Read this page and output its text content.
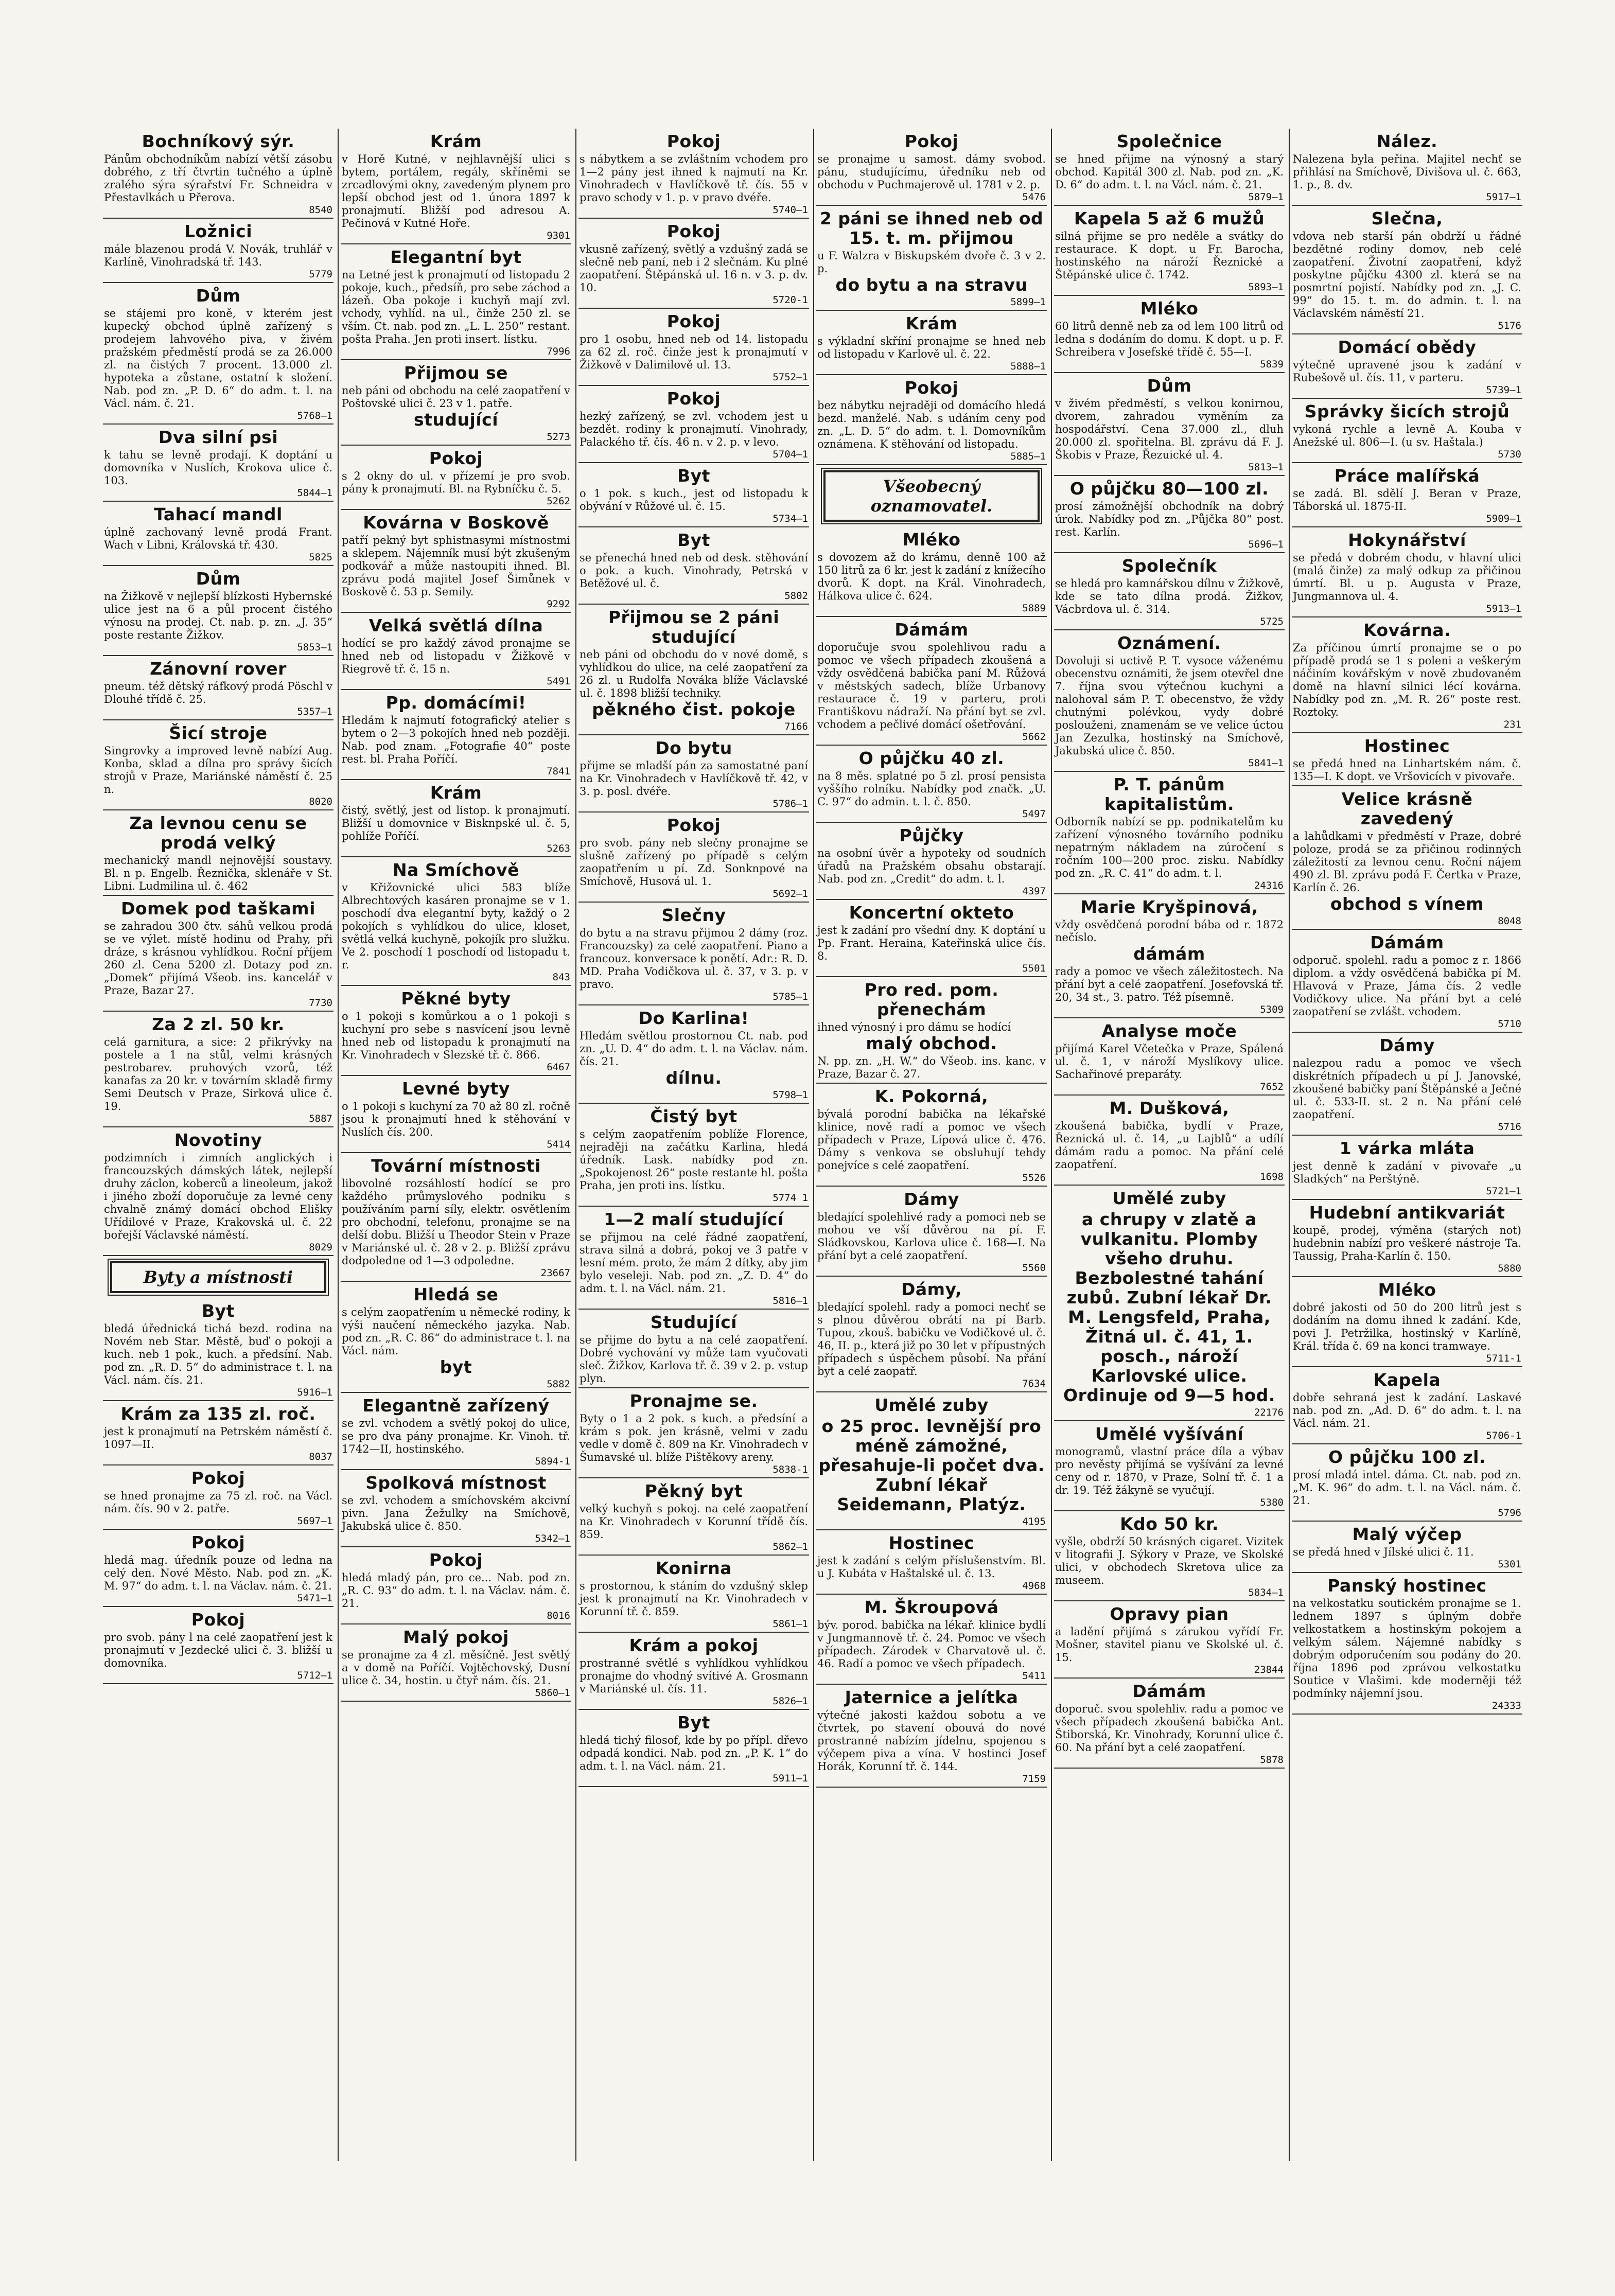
Bochníkový sýr.
Pánům obchodníkům nabízí větší zásobu dobrého, z tří čtvrtin tučného a úplně zralého sýra sýrařství Fr. Schneidra v Přestavlkách u Přerova.
8540
Ložnici
mále blazenou prodá V. Novák, truhlář v Karlíně, Vinohradská tř. 143.
5779
Dům
se stájemi pro koně, v kterém jest kupecký obchod úplně zařízený s prodejem lahvového piva, v živém pražském předměstí prodá se za 26.000 zl. na čistých 7 procent. 13.000 zl. hypoteka a zůstane, ostatní k složení. Nab. pod zn. „P. D. 6“ do adm. t. l. na Václ. nám. č. 21.
5768—1
Dva silní psi
k tahu se levně prodají. K doptání u domovníka v Nuslích, Krokova ulice č. 103.
5844—1
Tahací mandl
úplně zachovaný levně prodá Frant. Wach v Libni, Královská tř. 430.
5825
Dům
na Žižkově v nejlepší blízkosti Hybernské ulice jest na 6 a půl procent čistého výnosu na prodej. Ct. nab. p. zn. „J. 35“ poste restante Žižkov.
5853—1
Zánovní rover
pneum. též dětský ráfkový prodá Pöschl v Dlouhé třídě č. 25.
5357—1
Šicí stroje
Singrovky a improved levně nabízí Aug. Konba, sklad a dílna pro správy šicích strojů v Praze, Mariánské náměstí č. 25 n.
8020
Za levnou cenu se prodá velký
mechanický mandl nejnovější soustavy. Bl. n p. Engelb. Řeznička, sklenáře v St. Libni. Ludmilina ul. č. 462
Domek pod taškami
se zahradou 300 čtv. sáhů velkou prodá se ve výlet. místě hodinu od Prahy, při dráze, s krásnou vyhlídkou. Roční příjem 260 zl. Cena 5200 zl. Dotazy pod zn. „Domek“ přijímá Všeob. ins. kancelář v Praze, Bazar 27.
7730
Za 2 zl. 50 kr.
celá garnitura, a sice: 2 přikrývky na postele a 1 na stůl, velmi krásných pestrobarev. pruhových vzorů, též kanafas za 20 kr. v továrním skladě firmy Semi Deutsch v Praze, Sirková ulice č. 19.
5887
Novotiny
podzimních i zimních anglických i francouzských dámských látek, nejlepší druhy záclon, koberců a lineoleum, jakož i jiného zboží doporučuje za levné ceny chvalně známý domácí obchod Elišky Uřídilové v Praze, Krakovská ul. č. 22 bořejší Václavské náměstí.
8029
Byty a místnosti
Byt
bledá úřednická tichá bezd. rodina na Novém neb Star. Městě, buď o pokoji a kuch. neb 1 pok., kuch. a předsíní. Nab. pod zn. „R. D. 5“ do administrace t. l. na Václ. nám. čís. 21.
5916—1
Krám za 135 zl. roč.
jest k pronajmutí na Petrském náměstí č. 1097—II.
8037
Pokoj
se hned pronajme za 75 zl. roč. na Václ. nám. čís. 90 v 2. patře.
5697—1
Pokoj
hledá mag. úředník pouze od ledna na celý den. Nové Město. Nab. pod zn. „K. M. 97“ do adm. t. l. na Václav. nám. č. 21.
5471—1
Pokoj
pro svob. pány l na celé zaopatření jest k pronajmutí v Jezdecké ulici č. 3. bližší u domovníka.
5712—1
Krám
v Horě Kutné, v nejhlavnější ulici s bytem, portálem, regály, skříněmi se zrcadlovými okny, zavedeným plynem pro lepší obchod jest od 1. února 1897 k pronajmutí. Bližší pod adresou A. Pečinová v Kutné Hoře.
9301
Elegantní byt
na Letné jest k pronajmutí od listopadu 2 pokoje, kuch., předsíň, pro sebe záchod a lázeň. Oba pokoje i kuchyň mají zvl. vchody, vyhlíd. na ul., činže 250 zl. se vším. Ct. nab. pod zn. „L. L. 250“ restant. pošta Praha. Jen proti insert. lístku.
7996
Přijmou se
neb páni od obchodu na celé zaopatření v Poštovské ulici č. 23 v 1. patře.
studující
5273
Pokoj
s 2 okny do ul. v přízemí je pro svob. pány k pronajmutí. Bl. na Rybníčku č. 5.
5262
Kovárna v Boskově
patří pekný byt sphistnasymi místnostmi a sklepem. Nájemník musí být zkušeným podkovář a může nastoupiti ihned. Bl. zprávu podá majitel Josef Šimůnek v Boskově č. 53 p. Semily.
9292
Velká světlá dílna
hodící se pro každý závod pronajme se hned neb od listopadu v Žižkově v Riegrově tř. č. 15 n.
5491
Pp. domácími!
Hledám k najmutí fotografický atelier s bytem o 2—3 pokojích hned neb později. Nab. pod znam. „Fotografie 40“ poste rest. bl. Praha Poříčí.
7841
Krám
čistý, světlý, jest od listop. k pronajmutí. Bližší u domovnice v Bisknpské ul. č. 5, pohlíže Poříčí.
5263
Na Smíchově
v Křižovnické ulici 583 blíže Albrechtových kasáren pronajme se v 1. poschodí dva elegantní byty, každý o 2 pokojích s vyhlídkou do ulice, kloset, světlá velká kuchyně, pokojík pro služku. Ve 2. poschodí 1 poschodí od listopadu t. r.
843
Pěkné byty
o 1 pokoji s komůrkou a o 1 pokoji s kuchyní pro sebe s nasvícení jsou levně hned neb od listopadu k pronajmutí na Kr. Vinohradech v Slezské tř. č. 866.
6467
Levné byty
o 1 pokoji s kuchyní za 70 až 80 zl. ročně jsou k pronajmutí hned k stěhování v Nuslích čís. 200.
5414
Tovární místnosti
libovolné rozsáhlostí hodící se pro každého průmyslového podniku s používáním parní síly, elektr. osvětlením pro obchodní, telefonu, pronajme se na delší dobu. Bližší u Theodor Stein v Praze v Mariánské ul. č. 28 v 2. p. Bližší zprávu dodpoledne od 1—3 odpoledne.
23667
Hledá se
s celým zaopatřením u německé rodiny, k výši naučení německého jazyka. Nab. pod zn. „R. C. 86“ do administrace t. l. na Václ. nám.
byt
5882
Elegantně zařízený
se zvl. vchodem a světlý pokoj do ulice, se pro dva pány pronajme. Kr. Vinoh. tř. 1742—II, hostinského.
5894-1
Spolková místnost
se zvl. vchodem a smíchovském akcivní pivn. Jana Žežulky na Smíchově, Jakubská ulice č. 850.
5342—1
Pokoj
hledá mladý pán, pro ce... Nab. pod zn. „R. C. 93“ do adm. t. l. na Václav. nám. č. 21.
8016
Malý pokoj
se pronajme za 4 zl. měsíčně. Jest světlý a v domě na Poříčí. Vojtěchovský, Dusní ulice č. 34, hostin. u čtyř nám. čís. 21.
5860—1
Pokoj
s nábytkem a se zvláštním vchodem pro 1—2 pány jest ihned k najmutí na Kr. Vinohradech v Havlíčkově tř. čís. 55 v pravo schody v 1. p. v pravo dvéře.
5740—1
Pokoj
vkusně zařízený, světlý a vzdušný zadá se slečně neb paní, neb i 2 slečnám. Ku plné zaopatření. Štěpánská ul. 16 n. v 3. p. dv. 10.
5720-1
Pokoj
pro 1 osobu, hned neb od 14. listopadu za 62 zl. roč. činže jest k pronajmutí v Žižkově v Dalimilově ul. 13.
5752—1
Pokoj
hezký zařízený, se zvl. vchodem jest u bezdět. rodiny k pronajmutí. Vinohrady, Palackého tř. čís. 46 n. v 2. p. v levo.
5704—1
Byt
o 1 pok. s kuch., jest od listopadu k obývání v Růžové ul. č. 15.
5734—1
Byt
se přenechá hned neb od desk. stěhování o pok. a kuch. Vinohrady, Petrská v Betěžové ul. č.
5802
Přijmou se 2 páni studující
neb páni od obchodu do v nové domě, s vyhlídkou do ulice, na celé zaopatření za 26 zl. u Rudolfa Nováka blíže Václavské ul. č. 1898 bližší techniky.
pěkného čist. pokoje
7166
Do bytu
přijme se mladší pán za samostatné paní na Kr. Vinohradech v Havlíčkově tř. 42, v 3. p. posl. dvéře.
5786—1
Pokoj
pro svob. pány neb slečny pronajme se slušně zařízený po případě s celým zaopatřením u pí. Zd. Sonknpové na Smíchově, Husová ul. 1.
5692—1
Slečny
do bytu a na stravu přijmou 2 dámy (roz. Francouzsky) za celé zaopatření. Piano a francouz. konversace k ponětí. Adr.: R. D. MD. Praha Vodičkova ul. č. 37, v 3. p. v pravo.
5785—1
Do Karlina!
Hledám světlou prostornou Ct. nab. pod zn. „U. D. 4“ do adm. t. l. na Václav. nám. čís. 21.
dílnu.
5798—1
Čistý byt
s celým zaopatřením poblíže Florence, nejraději na začátku Karlina, hledá úředník. Lask. nabídky pod zn. „Spokojenost 26“ poste restante hl. pošta Praha, jen proti ins. lístku.
5774 1
1—2 malí studující
se přijmou na celé řádné zaopatření, strava silná a dobrá, pokoj ve 3 patře v lesní mém. proto, že mám 2 dítky, aby jim bylo veseleji. Nab. pod zn. „Z. D. 4“ do adm. t. l. na Václ. nám. 21.
5816—1
Studující
se přijme do bytu a na celé zaopatření. Dobré vychování vy může tam vyučovati sleč. Žižkov, Karlova tř. č. 39 v 2. p. vstup plyn.
Pronajme se.
Byty o 1 a 2 pok. s kuch. a předsíní a krám s pok. jen krásně, velmi v zadu vedle v domě č. 809 na Kr. Vinohradech v Šumavské ul. blíže Pištěkovy areny.
5838-1
Pěkný byt
velký kuchyň s pokoj. na celé zaopatření na Kr. Vinohradech v Korunní třídě čís. 859.
5862—1
Konirna
s prostornou, k stáním do vzdušný sklep jest k pronajmutí na Kr. Vinohradech v Korunní tř. č. 859.
5861—1
Krám a pokoj
prostranné světlé s vyhlídkou vyhlídkou pronajme do vhodný svítivé A. Grosmann v Mariánské ul. čís. 11.
5826—1
Byt
hledá tichý filosof, kde by po přípl. dřevo odpadá kondici. Nab. pod zn. „P. K. 1“ do adm. t. l. na Václ. nám. 21.
5911—1
Pokoj
se pronajme u samost. dámy svobod. pánu, studujícímu, úředníku neb od obchodu v Puchmajerově ul. 1781 v 2. p.
5476
2 páni se ihned neb od 15. t. m. přijmou
u F. Walzra v Biskupském dvoře č. 3 v 2. p.
do bytu a na stravu
5899—1
Krám
s výkladní skříní pronajme se hned neb od listopadu v Karlově ul. č. 22.
5888—1
Pokoj
bez nábytku nejraději od domácího hledá bezd. manželé. Nab. s udáním ceny pod zn. „L. D. 5“ do adm. t. l. Domovníkům oznámena. K stěhování od listopadu.
5885—1
Všeobecný oznamovatel.
Mléko
s dovozem až do krámu, denně 100 až 150 litrů za 6 kr. jest k zadání z knížecího dvorů. K dopt. na Král. Vinohradech, Hálkova ulice č. 624.
5889
Dámám
doporučuje svou spolehlivou radu a pomoc ve všech případech zkoušená a vždy osvědčená babička paní M. Růžová v městských sadech, blíže Urbanovy restaurace č. 19 v parteru, proti Františkovu nádraží. Na přání byt se zvl. vchodem a pečlivé domácí ošetřování.
5662
O půjčku 40 zl.
na 8 měs. splatné po 5 zl. prosí pensista vyššího rolníku. Nabídky pod značk. „U. C. 97“ do admin. t. l. č. 850.
5497
Půjčky
na osobní úvěr a hypoteky od soudních úřadů na Pražském obsahu obstarají. Nab. pod zn. „Credit“ do adm. t. l.
4397
Koncertní okteto
jest k zadání pro všední dny. K doptání u Pp. Frant. Heraina, Kateřinská ulice čís. 8.
5501
Pro red. pom. přenechám
ihned výnosný i pro dámu se hodící
malý obchod.
N. pp. zn. „H. W.“ do Všeob. ins. kanc. v Praze, Bazar č. 27.
K. Pokorná,
bývalá porodní babička na lékařské klinice, nově radí a pomoc ve všech případech v Praze, Lípová ulice č. 476. Dámy s venkova se obsluhují tehdy ponejvíce s celé zaopatření.
5526
Dámy
bledající spolehlivé rady a pomoci neb se mohou ve vší důvěrou na pí. F. Sládkovskou, Karlova ulice č. 168—I. Na přání byt a celé zaopatření.
5560
Dámy,
bledající spolehl. rady a pomoci nechť se s plnou důvěrou obrátí na pí Barb. Tupou, zkouš. babičku ve Vodičkové ul. č. 46, II. p., která již po 30 let v přípustných případech s úspěchem působí. Na přání byt a celé zaopatř.
7634
Umělé zuby
o 25 proc. levnější pro méně zámožné, přesahuje-li počet dva. Zubní lékař Seidemann, Platýz.
4195
Hostinec
jest k zadání s celým příslušenstvím. Bl. u J. Kubáta v Haštalské ul. č. 13.
4968
M. Škroupová
býv. porod. babička na lékař. klinice bydlí v Jungmannově tř. č. 24. Pomoc ve všech případech. Zárodek v Charvatově ul. č. 46. Radí a pomoc ve všech případech.
5411
Jaternice a jelítka
výtečné jakosti každou sobotu a ve čtvrtek, po stavení obouvá do nové prostranné nabízím jídelnu, spojenou s výčepem piva a vína. V hostinci Josef Horák, Korunní tř. č. 144.
7159
Společnice
se hned přijme na výnosný a starý obchod. Kapitál 300 zl. Nab. pod zn. „K. D. 6“ do adm. t. l. na Václ. nám. č. 21.
5879—1
Kapela 5 až 6 mužů
silná přijme se pro neděle a svátky do restaurace. K dopt. u Fr. Barocha, hostinského na nároží Řeznické a Štěpánské ulice č. 1742.
5893—1
Mléko
60 litrů denně neb za od lem 100 litrů od ledna s dodáním do domu. K dopt. u p. F. Schreibera v Josefské třídě č. 55—I.
5839
Dům
v živém předměstí, s velkou konirnou, dvorem, zahradou vyměním za hospodářství. Cena 37.000 zl., dluh 20.000 zl. spořitelna. Bl. zprávu dá F. J. Škobis v Praze, Řezuické ul. 4.
5813—1
O půjčku 80—100 zl.
prosí zámožnější obchodník na dobrý úrok. Nabídky pod zn. „Půjčka 80“ post. rest. Karlín.
5696—1
Společník
se hledá pro kamnářskou dílnu v Žižkově, kde se tato dílna prodá. Žižkov, Vácbrdova ul. č. 314.
5725
Oznámení.
Dovoluji si uctivě P. T. vysoce váženému obecenstvu oznámiti, že jsem otevřel dne 7. října svou výtečnou kuchyni a nalohoval sám P. T. obecenstvo, že vždy chutnými polévkou, vydy dobré poslouženi, znamenám se ve velice úctou Jan Zezulka, hostinský na Smíchově, Jakubská ulice č. 850.
5841—1
P. T. pánům kapitalistům.
Odborník nabízí se pp. podnikatelům ku zařízení výnosného továrního podniku nepatrným nákladem na zúročení s ročním 100—200 proc. zisku. Nabídky pod zn. „R. C. 41“ do adm. t. l.
24316
Marie Kryšpinová,
vždy osvědčená porodní bába od r. 1872 nečíslo.
dámám
rady a pomoc ve všech záležitostech. Na přání byt a celé zaopatření. Josefovská tř. 20, 34 st., 3. patro. Též písemně.
5309
Analyse moče
přijímá Karel Včetečka v Praze, Spálená ul. č. 1, v nároží Myslíkovy ulice. Sachařinové preparáty.
7652
M. Dušková,
zkoušená babička, bydlí v Praze, Řeznická ul. č. 14, „u Lajblů“ a udílí dámám radu a pomoc. Na přání celé zaopatření.
1698
Umělé zuby
a chrupy v zlatě a vulkanitu. Plomby všeho druhu. Bezbolestné tahání zubů. Zubní lékař Dr. M. Lengsfeld, Praha, Žitná ul. č. 41, 1. posch., nároží Karlovské ulice. Ordinuje od 9—5 hod.
22176
Umělé vyšívání
monogramů, vlastní práce díla a výbav pro nevěsty přijímá se vyšívání za levné ceny od r. 1870, v Praze, Solní tř. č. 1 a dr. 19. Též žákyně se vyučují.
5380
Kdo 50 kr.
vyšle, obdrží 50 krásných cigaret. Vizitek v litografii J. Sýkory v Praze, ve Skolské ulici, v obchodech Skretova ulice za museem.
5834—1
Opravy pian
a ladění přijímá s zárukou vyřídí Fr. Mošner, stavitel pianu ve Skolské ul. č. 15.
23844
Dámám
doporuč. svou spolehliv. radu a pomoc ve všech případech zkoušená babička Ant. Štiborská, Kr. Vinohrady, Korunní ulice č. 60. Na přání byt a celé zaopatření.
5878
Nález.
Nalezena byla peřina. Majitel nechť se přihlásí na Smíchově, Divišova ul. č. 663, 1. p., 8. dv.
5917—1
Slečna,
vdova neb starší pán obdrží u řádné bezdětné rodiny domov, neb celé zaopatření. Životní zaopatření, když poskytne půjčku 4300 zl. která se na posmrtní pojistí. Nabídky pod zn. „J. C. 99“ do 15. t. m. do admin. t. l. na Václavském náměstí 21.
5176
Domácí obědy
výtečně upravené jsou k zadání v Rubešově ul. čís. 11, v parteru.
5739—1
Správky šicích strojů
vykoná rychle a levně A. Kouba v Anežské ul. 806—I. (u sv. Haštala.)
5730
Práce malířská
se zadá. Bl. sdělí J. Beran v Praze, Táborská ul. 1875-II.
5909—1
Hokynářství
se předá v dobrém chodu, v hlavní ulici (malá činže) za malý odkup za přičinou úmrtí. Bl. u p. Augusta v Praze, Jungmannova ul. 4.
5913—1
Kovárna.
Za příčinou úmrtí pronajme se o po případě prodá se 1 s poleni a veškerým náčiním kovářským v nově zbudovaném domě na hlavní silnici lécí kovárna. Nabídky pod zn. „M. R. 26“ poste rest. Roztoky.
231
Hostinec
se předá hned na Linhartském nám. č. 135—I. K dopt. ve Vršovicích v pivovaře.
Velice krásně zavedený
a lahůdkami v předměstí v Praze, dobré poloze, prodá se za přičinou rodinných záležitostí za levnou cenu. Roční nájem 490 zl. Bl. zprávu podá F. Čertka v Praze, Karlín č. 26.
obchod s vínem
8048
Dámám
odporuč. spolehl. radu a pomoc z r. 1866 diplom. a vždy osvědčená babička pí M. Hlavová v Praze, Jáma čís. 2 vedle Vodičkovy ulice. Na přání byt a celé zaopatření se zvlášt. vchodem.
5710
Dámy
nalezpou radu a pomoc ve všech diskrétních případech u pí J. Janovské, zkoušené babičky paní Štěpánské a Ječné ul. č. 533-II. st. 2 n. Na přání celé zaopatření.
5716
1 várka mláta
jest denně k zadání v pivovaře „u Sladkých“ na Perštýně.
5721—1
Hudební antikvariát
koupě, prodej, výměna (starých not) hudebnin nabízí pro veškeré nástroje Ta. Taussig, Praha-Karlín č. 150.
5880
Mléko
dobré jakosti od 50 do 200 litrů jest s dodáním na domu ihned k zadání. Kde, povi J. Petržilka, hostinský v Karlíně, Král. třída č. 69 na konci tramwaye.
5711-1
Kapela
dobře sehraná jest k zadání. Laskavé nab. pod zn. „Ad. D. 6“ do adm. t. l. na Václ. nám. 21.
5706-1
O půjčku 100 zl.
prosí mladá intel. dáma. Ct. nab. pod zn. „M. K. 96“ do adm. t. l. na Václ. nám. č. 21.
5796
Malý výčep
se předá hned v Jílské ulici č. 11.
5301
Panský hostinec
na velkostatku soutickém pronajme se 1. lednem 1897 s úplným dobře velkostatkem a hostinským pokojem a velkým sálem. Nájemné nabídky s dobrým odporučením sou podány do 20. října 1896 pod zprávou velkostatku Soutice v Vlašimi. kde moderněji též podmínky nájemní jsou.
24333
